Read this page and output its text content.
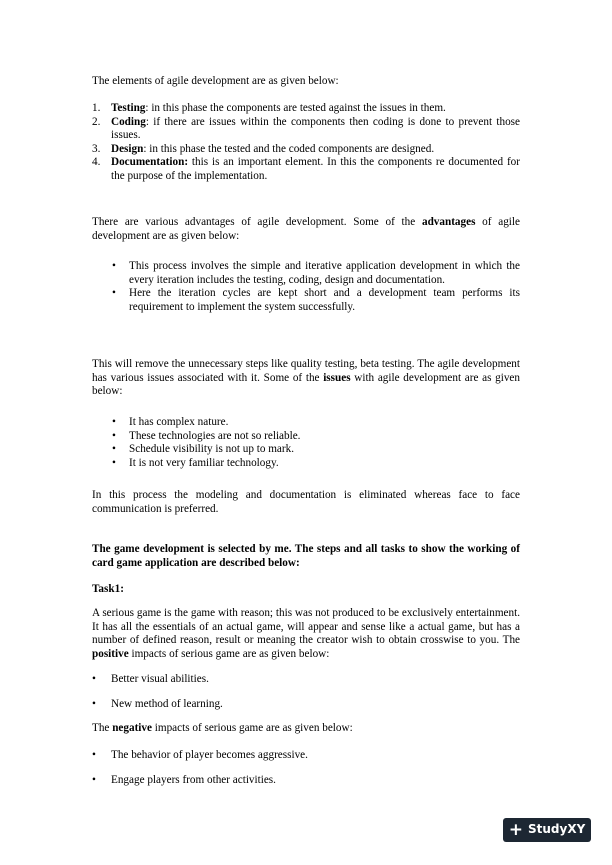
The elements of agile development are as given below:

1. Testing: in this phase the components are tested against the issues in them.
2. Coding: if there are issues within the components then coding is done to prevent those issues.
3. Design: in this phase the tested and the coded components are designed.
4. Documentation: this is an important element. In this the components re documented for the purpose of the implementation.

There are various advantages of agile development. Some of the advantages of agile development are as given below:

• This process involves the simple and iterative application development in which the every iteration includes the testing, coding, design and documentation.
• Here the iteration cycles are kept short and a development team performs its requirement to implement the system successfully.

This will remove the unnecessary steps like quality testing, beta testing. The agile development has various issues associated with it. Some of the issues with agile development are as given below:

• It has complex nature.
• These technologies are not so reliable.
• Schedule visibility is not up to mark.
• It is not very familiar technology.

In this process the modeling and documentation is eliminated whereas face to face communication is preferred.

The game development is selected by me. The steps and all tasks to show the working of card game application are described below:

Task1:

A serious game is the game with reason; this was not produced to be exclusively entertainment. It has all the essentials of an actual game, will appear and sense like a actual game, but has a number of defined reason, result or meaning the creator wish to obtain crosswise to you. The positive impacts of serious game are as given below:

• Better visual abilities.
• New method of learning.

The negative impacts of serious game are as given below:

• The behavior of player becomes aggressive.
• Engage players from other activities.
+ StudyXY
